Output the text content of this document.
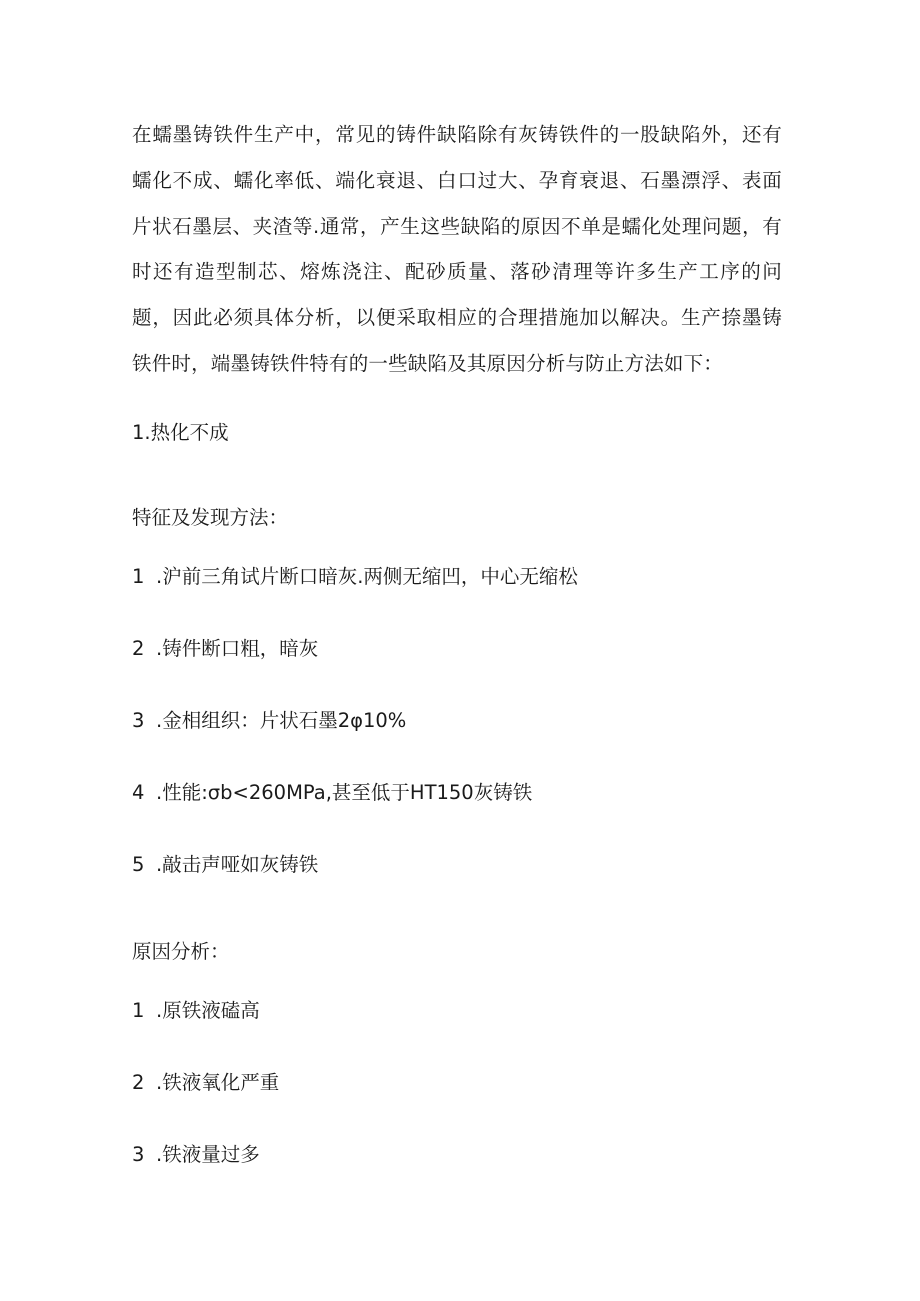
在蠕墨铸铁件生产中，常见的铸件缺陷除有灰铸铁件的一股缺陷外，还有蠕化不成、蠕化率低、端化衰退、白口过大、孕育衰退、石墨漂浮、表面片状石墨层、夹渣等.通常，产生这些缺陷的原因不单是蠕化处理问题，有时还有造型制芯、熔炼浇注、配砂质量、落砂清理等许多生产工序的问题，因此必须具体分析，以便采取相应的合理措施加以解决。生产捺墨铸铁件时，端墨铸铁件特有的一些缺陷及其原因分析与防止方法如下：

1.热化不成

特征及发现方法：

1 .沪前三角试片断口暗灰.两侧无缩凹，中心无缩松

2 .铸件断口粗，暗灰

3 .金相组织：片状石墨2φ10%

4 .性能:σb<260MPa,甚至低于HT150灰铸铁

5 .敲击声哑如灰铸铁

原因分析：

1 .原铁液磕高

2 .铁液氧化严重

3 .铁液量过多
